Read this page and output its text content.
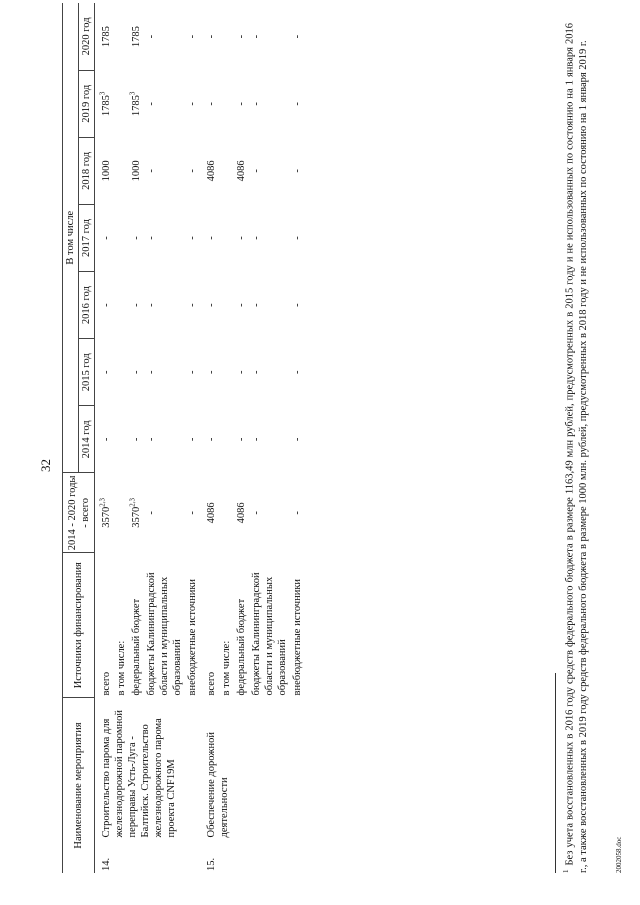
32
Наименование мероприятия		Источники финансирования	2014 - 2020 годы - всего	В том числе						
				2014 год	2015 год	2016 год	2017 год	2018 год	2019 год	2020 год

14.	Строительство парома для железнодорожной паромной переправы Усть-Луга - Балтийск. Строительство железнодорожного парома проекта CNF19M	всего	3570$^{2,3}$	-	-	-	-	1000	1785$^3$	1785
		в том числе:								
		федеральный бюджет	3570$^{2,3}$	-	-	-	-	1000	1785$^3$	1785
		бюджеты Калининградской области и муниципальных образований	-	-	-	-	-	-	-	-
		внебюджетные источники	-	-	-	-	-	-	-	-

15.	Обеспечение дорожной деятельности	всего	4086	-	-	-	-	4086	-	-
		в том числе:								
		федеральный бюджет	4086	-	-	-	-	4086	-	-
		бюджеты Калининградской области и муниципальных образований	-	-	-	-	-	-	-	-
		внебюджетные источники	-	-	-	-	-	-	-	-
$^1$Без учета восстановленных в 2016 году средств федерального бюджета в размере 1163,49 млн рублей, предусмотренных в 2015 году и не использованных по состоянию на 1 января 2016 г., а также восстановленных в 2019 году средств федерального бюджета в размере 1000 млн. рублей, предусмотренных в 2018 году и не использованных по состоянию на 1 января 2019 г.	2002058.doc
